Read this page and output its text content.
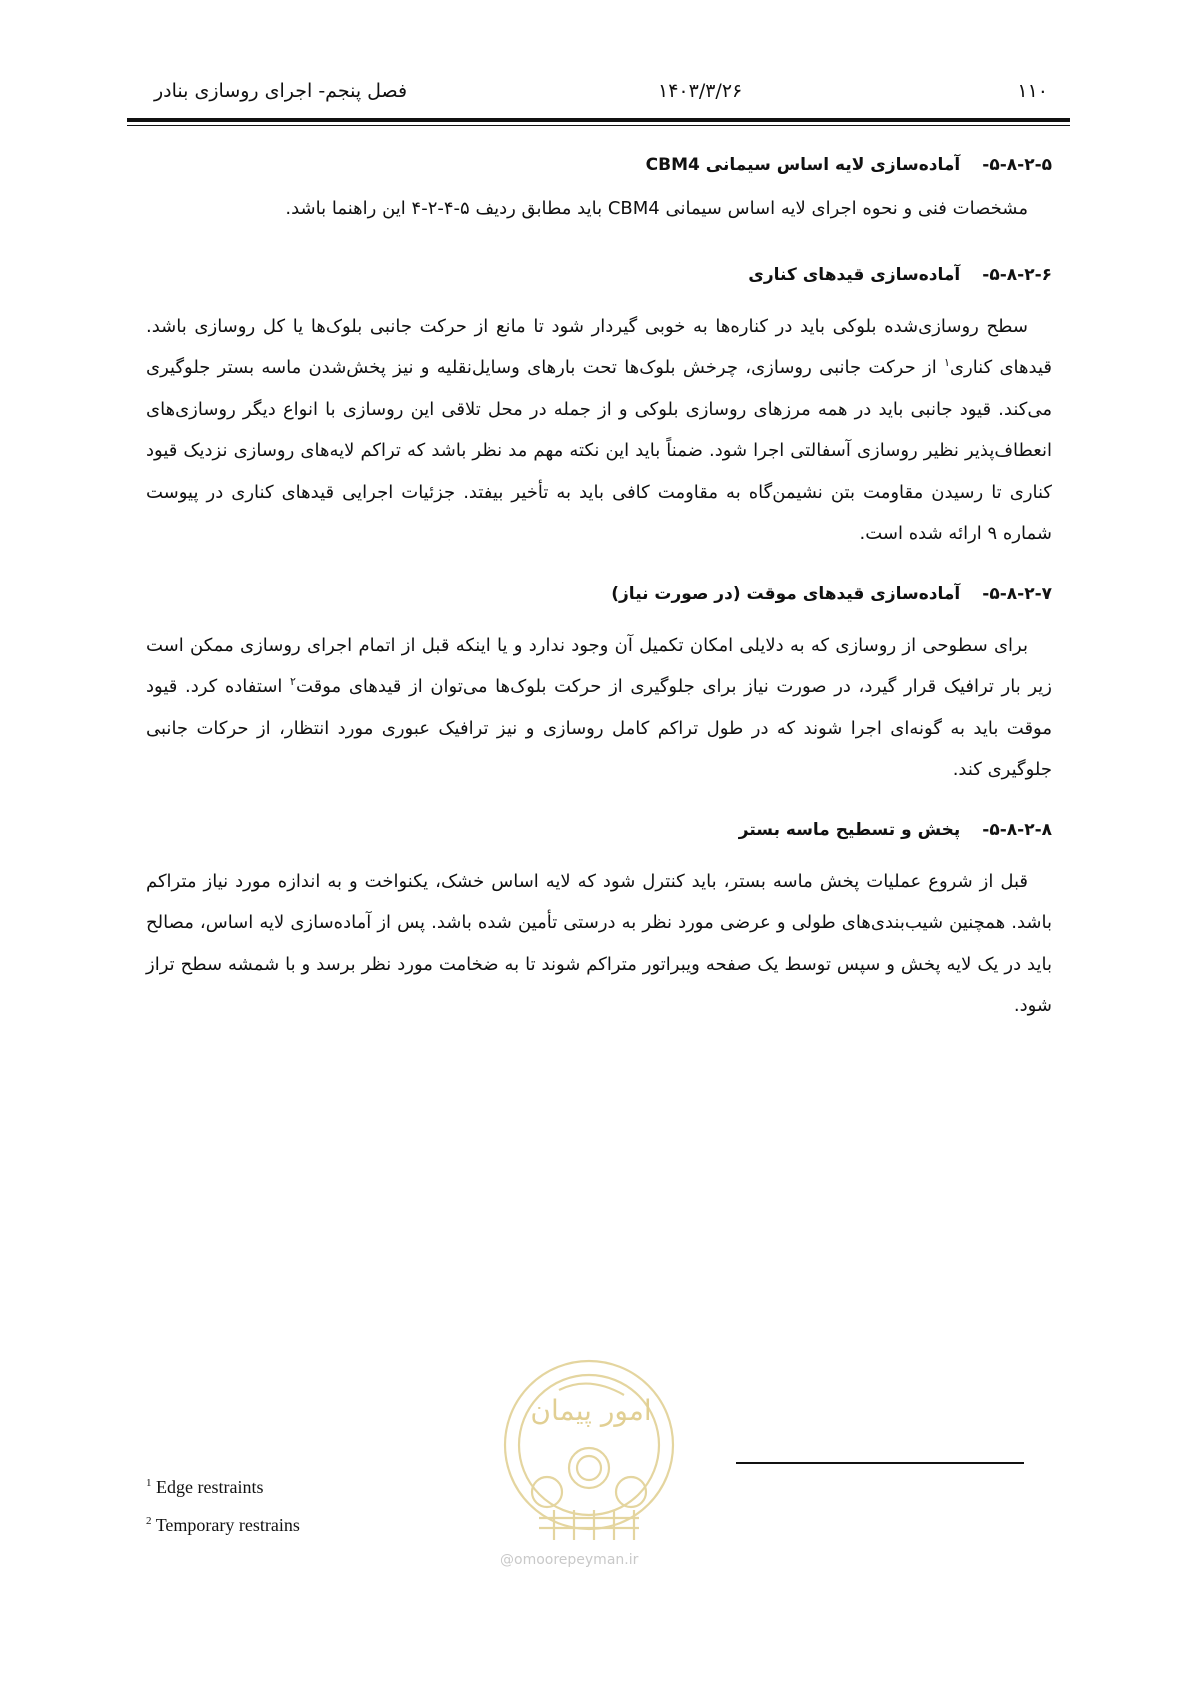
۱۱۰
۱۴۰۳/۳/۲۶
فصل پنجم- اجرای روسازی بنادر
۵-۸-۲-۵-آماده‌سازی لایه اساس سیمانی CBM4

مشخصات فنی و نحوه اجرای لایه اساس سیمانی CBM4 باید مطابق ردیف ۵-۴-۲-۴ این راهنما باشد.

۵-۸-۲-۶-آماده‌سازی قیدهای کناری

سطح روسازی‌شده بلوکی باید در کناره‌ها به خوبی گیردار شود تا مانع از حرکت جانبی بلوک‌ها یا کل روسازی باشد. قیدهای کناری$^۱$ از حرکت جانبی روسازی، چرخش بلوک‌ها تحت بارهای وسایل‌نقلیه و نیز پخش‌شدن ماسه بستر جلوگیری می‌کند. قیود جانبی باید در همه مرزهای روسازی بلوکی و از جمله در محل تلاقی این روسازی با انواع دیگر روسازی‌های انعطاف‌پذیر نظیر روسازی آسفالتی اجرا شود. ضمناً باید این نکته مهم مد نظر باشد که تراکم لایه‌های روسازی نزدیک قیود کناری تا رسیدن مقاومت بتن نشیمن‌گاه به مقاومت کافی باید به تأخیر بیفتد. جزئیات اجرایی قیدهای کناری در پیوست شماره ۹ ارائه شده است.

۵-۸-۲-۷-آماده‌سازی قیدهای موقت (در صورت نیاز)

برای سطوحی از روسازی که به دلایلی امکان تکمیل آن وجود ندارد و یا اینکه قبل از اتمام اجرای روسازی ممکن است زیر بار ترافیک قرار گیرد، در صورت نیاز برای جلوگیری از حرکت بلوک‌ها می‌توان از قیدهای موقت$^۲$ استفاده کرد. قیود موقت باید به گونه‌ای اجرا شوند که در طول تراکم کامل روسازی و نیز ترافیک عبوری مورد انتظار، از حرکات جانبی جلوگیری کند.

۵-۸-۲-۸-پخش و تسطیح ماسه بستر

قبل از شروع عملیات پخش ماسه بستر، باید کنترل شود که لایه اساس خشک، یکنواخت و به اندازه مورد نیاز متراکم باشد. همچنین شیب‌بندی‌های طولی و عرضی مورد نظر به درستی تأمین شده باشد. پس از آماده‌سازی لایه اساس، مصالح باید در یک لایه پخش و سپس توسط یک صفحه ویبراتور متراکم شوند تا به ضخامت مورد نظر برسد و با شمشه سطح تراز شود.

امور پیمان
@omoorepeyman.ir
$^1$ Edge restraints
$^2$ Temporary restrains
